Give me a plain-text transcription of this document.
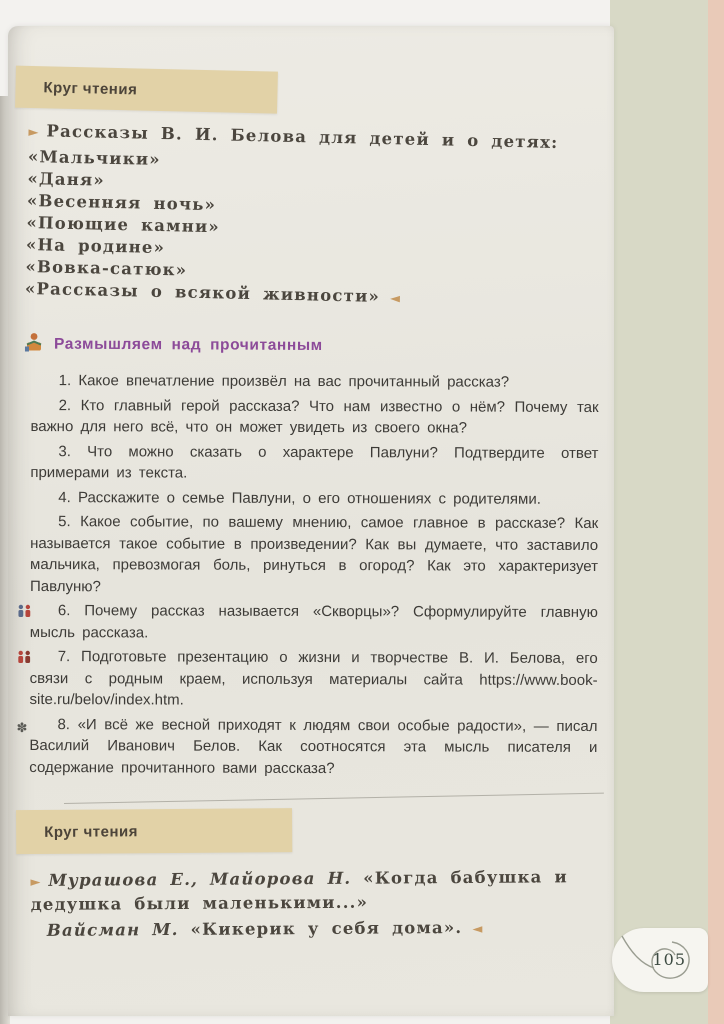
Круг чтения
► Рассказы В. И. Белова для детей и о детях:
«Мальчики»
«Даня»
«Весенняя ночь»
«Поющие камни»
«На родине»
«Вовка-сатюк»
«Рассказы о всякой живности» ◄
Размышляем над прочитанным

1. Какое впечатление произвёл на вас прочитанный рассказ?

2. Кто главный герой рассказа? Что нам известно о нём? Почему так важно для него всё, что он может увидеть из своего окна?

3. Что можно сказать о характере Павлуни? Подтвердите ответ примерами из текста.

4. Расскажите о семье Павлуни, о его отношениях с родителями.

5. Какое событие, по вашему мнению, самое главное в рассказе? Как называется такое событие в произведении? Как вы думаете, что заставило мальчика, превозмогая боль, ринуться в огород? Как это характеризует Павлуню?

6. Почему рассказ называется «Скворцы»? Сформулируйте главную мысль рассказа.

7. Подготовьте презентацию о жизни и творчестве В. И. Белова, его связи с родным краем, используя материалы сайта https://www.book-site.ru/belov/index.htm.

✽ 8. «И всё же весной приходят к людям свои особые радости», — писал Василий Иванович Белов. Как соотносятся эта мысль писателя и содержание прочитанного вами рассказа?

Круг чтения
► Мурашова Е., Майорова Н. «Когда бабушка и дедушка были маленькими...»
Вайсман М. «Кикерик у себя дома». ◄
105
